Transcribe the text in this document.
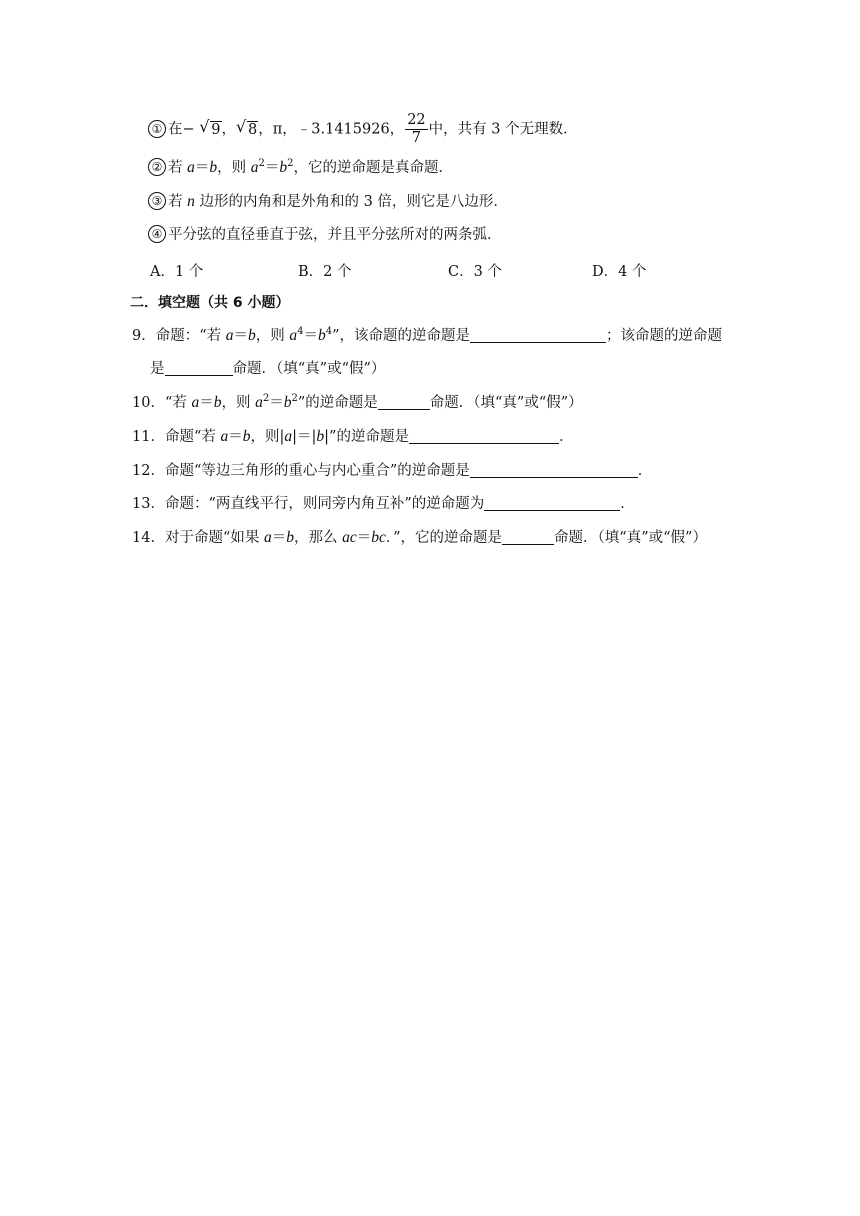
① 在− √ 9， √ 8，π，﹣3.1415926， $\frac{22}{7}$ 中，共有 3 个无理数．
② 若 a＝b，则 $a^2=b^2$，它的逆命题是真命题．
③ 若 n 边形的内角和是外角和的 3 倍，则它是八边形．
④ 平分弦的直径垂直于弦，并且平分弦所对的两条弧．
A．1 个	B．2 个	C．3 个	D．4 个
二．填空题（共 6 小题）
9．命题：“若 a＝b，则 $a^4=b^4$”，该命题的逆命题是	；该命题的逆命题
是	命题．（填“真”或“假”）
10．“若 a＝b，则 $a^2=b^2$”的逆命题是	命题．（填“真”或“假”）
11．命题“若 a＝b，则|a|＝|b|”的逆命题是	．
12．命题“等边三角形的重心与内心重合”的逆命题是	．
13．命题：“两直线平行，则同旁内角互补”的逆命题为	．
14．对于命题“如果 a＝b，那么 ac＝bc．”，它的逆命题是	命题．（填“真”或“假”）
